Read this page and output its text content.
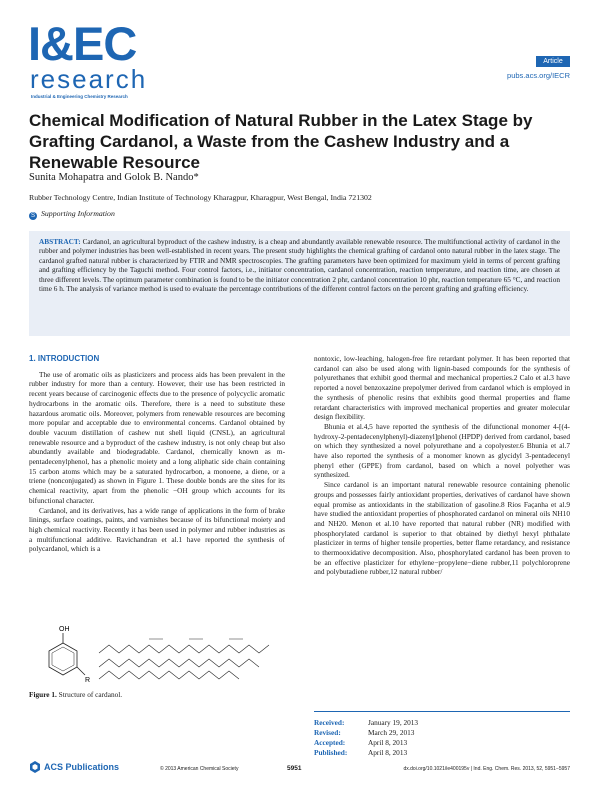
I&EC
research
Industrial & Engineering Chemistry Research
Article
pubs.acs.org/IECR
Chemical Modification of Natural Rubber in the Latex Stage by Grafting Cardanol, a Waste from the Cashew Industry and a Renewable Resource
Sunita Mohapatra and Golok B. Nando*
Rubber Technology Centre, Indian Institute of Technology Kharagpur, Kharagpur, West Bengal, India 721302
S Supporting Information
ABSTRACT: Cardanol, an agricultural byproduct of the cashew industry, is a cheap and abundantly available renewable resource. The multifunctional activity of cardanol in the rubber and polymer industries has been well-established in recent years. The present study highlights the chemical grafting of cardanol onto natural rubber in the latex stage. The cardanol grafted natural rubber is characterized by FTIR and NMR spectroscopies. The grafting parameters have been optimized for maximum yield in terms of percent grafting and grafting efficiency by the Taguchi method. Four control factors, i.e., initiator concentration, cardanol concentration, reaction temperature, and reaction time, are chosen at three different levels. The optimum parameter combination is found to be the initiator concentration 2 phr, cardanol concentration 10 phr, reaction temperature 65 °C, and reaction time 6 h. The analysis of variance method is used to evaluate the percentage contributions of the different control factors on the percent grafting and grafting efficiency.
1. INTRODUCTION

The use of aromatic oils as plasticizers and process aids has been prevalent in the rubber industry for more than a century. However, their use has been restricted in recent years because of carcinogenic effects due to the presence of polycyclic aromatic hydrocarbons in the aromatic oils. Therefore, there is a need to substitute these hazardous aromatic oils. Moreover, polymers from renewable resources are becoming more popular and acceptable due to environmental concerns. Cardanol obtained by double vacuum distillation of cashew nut shell liquid (CNSL), an agricultural renewable resource and a byproduct of the cashew industry, is not only cheap but also abundantly available and biodegradable. Cardanol, chemically known as m-pentadecenylphenol, has a phenolic moiety and a long aliphatic side chain containing 15 carbon atoms which may be a saturated hydrocarbon, a monoene, a diene, or a triene (nonconjugated) as shown in Figure 1. These double bonds are the sites for its chemical reactivity, apart from the phenolic −OH group which accounts for its bifunctional character.

Cardanol, and its derivatives, has a wide range of applications in the form of brake linings, surface coatings, paints, and varnishes because of its bifunctional moiety and high chemical reactivity. Recently it has been used in polymer and rubber industries as a multifunctional additive. Ravichandran et al.1 have reported the synthesis of polycardanol, which is a

OH
R
Figure 1. Structure of cardanol.

nontoxic, low-leaching, halogen-free fire retardant polymer. It has been reported that cardanol can also be used along with lignin-based compounds for the synthesis of polyurethanes that exhibit good thermal and mechanical properties.2 Calo et al.3 have reported a novel benzoxazine prepolymer derived from cardanol which is employed in the synthesis of phenolic resins that exhibits good thermal properties and flame retardant characteristics with improved mechanical properties and greater molecular design flexibility.

Bhunia et al.4,5 have reported the synthesis of the difunctional monomer 4-[(4-hydroxy-2-pentadecenylphenyl)-diazenyl]phenol (HPDP) derived from cardanol, based on which they synthesized a novel polyurethane and a copolyester.6 Bhunia et al.7 have also reported the synthesis of a monomer known as glycidyl 3-pentadecenyl phenyl ether (GPPE) from cardanol, based on which a novel polyether was synthesized.

Since cardanol is an important natural renewable resource containing phenolic groups and possesses fairly antioxidant properties, derivatives of cardanol have shown equal promise as antioxidants in the stabilization of gasoline.8 Rios Façanha et al.9 have studied the antioxidant properties of phosphorated cardanol on mineral oils NH10 and NH20. Menon et al.10 have reported that natural rubber (NR) modified with phosphorylated cardanol is superior to that obtained by diethyl hexyl phthalate plasticizer in terms of higher tensile properties, better flame retardancy, and resistance to thermooxidative decomposition. Also, phosphorylated cardanol has been proven to be an effective plasticizer for ethylene−propylene−diene rubber,11 polychloroprene and polybutadiene rubber,12 natural rubber/

Received:	January 19, 2013
Revised:	March 29, 2013
Accepted:	April 8, 2013
Published:	April 8, 2013
ACS Publications	© 2013 American Chemical Society	5951	dx.doi.org/10.1021/ie400195v | Ind. Eng. Chem. Res. 2013, 52, 5951−5957
